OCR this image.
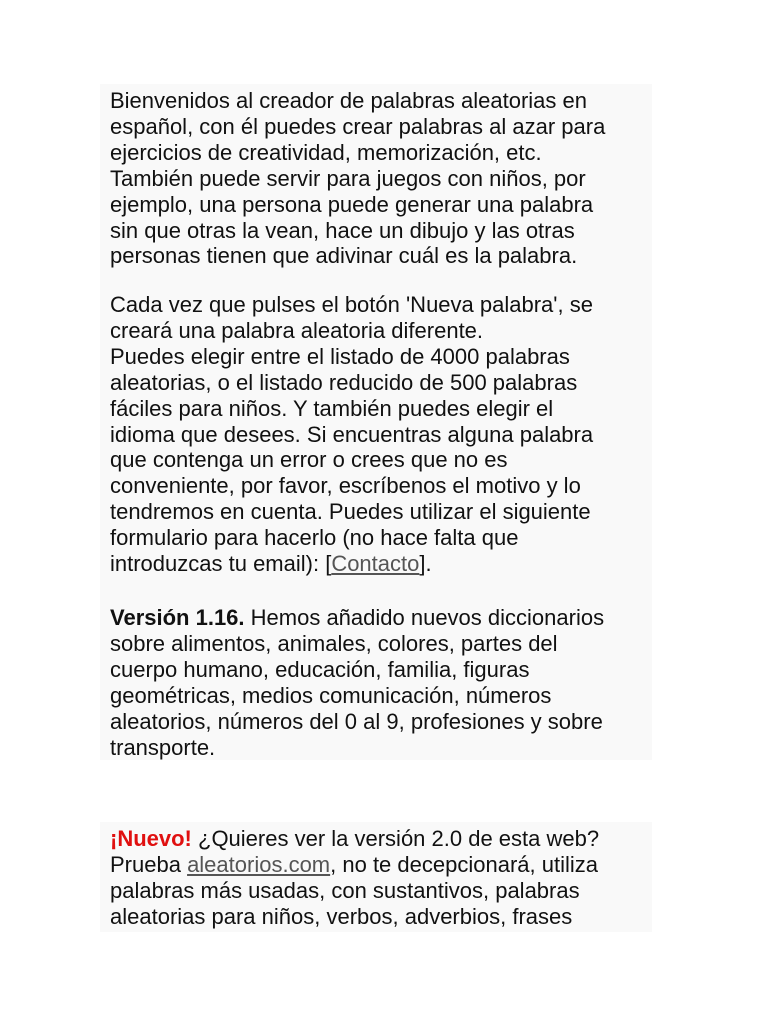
Bienvenidos al creador de palabras aleatorias en

español, con él puedes crear palabras al azar para

ejercicios de creatividad, memorización, etc.

También puede servir para juegos con niños, por

ejemplo, una persona puede generar una palabra

sin que otras la vean, hace un dibujo y las otras

personas tienen que adivinar cuál es la palabra.

Cada vez que pulses el botón 'Nueva palabra', se

creará una palabra aleatoria diferente.

Puedes elegir entre el listado de 4000 palabras

aleatorias, o el listado reducido de 500 palabras

fáciles para niños. Y también puedes elegir el

idioma que desees. Si encuentras alguna palabra

que contenga un error o crees que no es

conveniente, por favor, escríbenos el motivo y lo

tendremos en cuenta. Puedes utilizar el siguiente

formulario para hacerlo (no hace falta que

introduzcas tu email): [Contacto].

Versión 1.16. Hemos añadido nuevos diccionarios

sobre alimentos, animales, colores, partes del

cuerpo humano, educación, familia, figuras

geométricas, medios comunicación, números

aleatorios, números del 0 al 9, profesiones y sobre

transporte.

¡Nuevo! ¿Quieres ver la versión 2.0 de esta web?

Prueba aleatorios.com, no te decepcionará, utiliza

palabras más usadas, con sustantivos, palabras

aleatorias para niños, verbos, adverbios, frases
